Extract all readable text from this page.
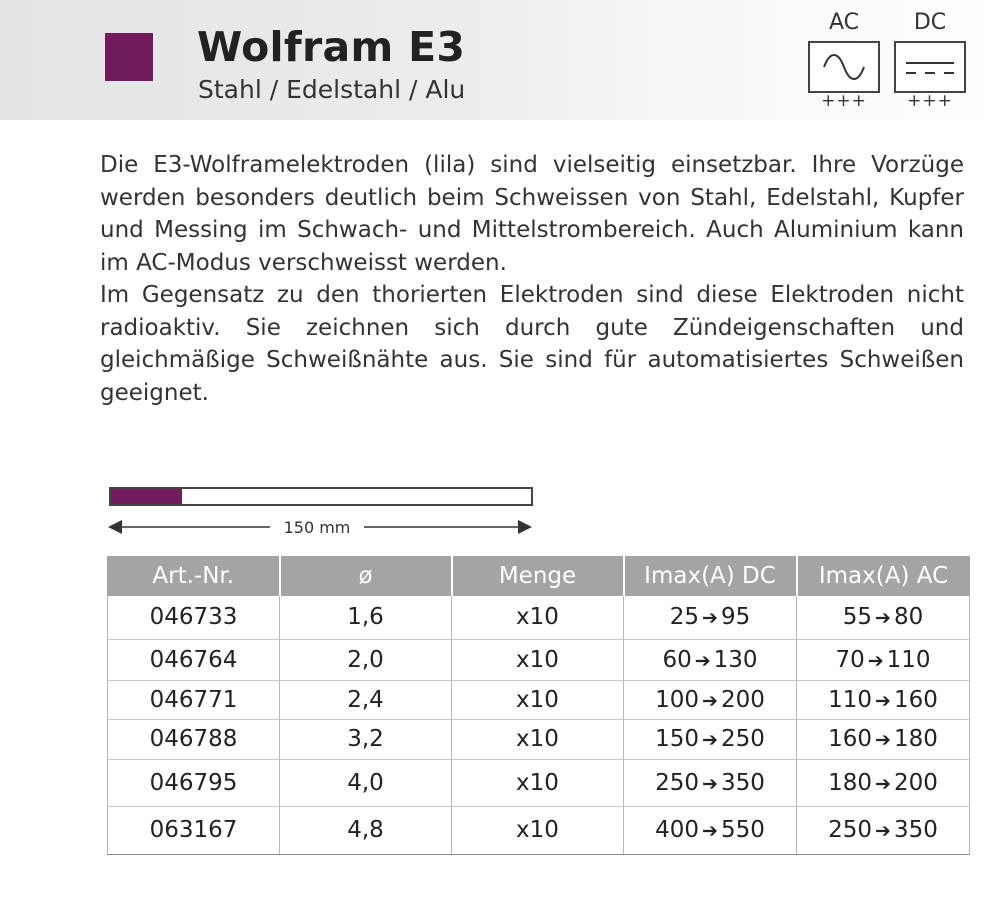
Wolfram E3
Stahl / Edelstahl / Alu
AC
+++
DC
+++

Die E3-Wolframelektroden (lila) sind vielseitig einsetzbar. Ihre Vorzüge werden besonders deutlich beim Schweissen von Stahl, Edelstahl, Kupfer und Messing im Schwach- und Mittelstrombereich. Auch Aluminium kann im AC-Modus verschweisst werden.

Im Gegensatz zu den thorierten Elektroden sind diese Elektroden nicht radioaktiv. Sie zeichnen sich durch gute Zündeigenschaften und gleichmäßige Schweißnähte aus. Sie sind für automatisiertes Schweißen geeignet.

150 mm
Art.-Nr.	ø	Menge	Imax(A) DC	Imax(A) AC
046733	1,6	x10	25 ➔ 95	55 ➔ 80
046764	2,0	x10	60 ➔ 130	70 ➔ 110
046771	2,4	x10	100 ➔ 200	110 ➔ 160
046788	3,2	x10	150 ➔ 250	160 ➔ 180
046795	4,0	x10	250 ➔ 350	180 ➔ 200
063167	4,8	x10	400 ➔ 550	250 ➔ 350
